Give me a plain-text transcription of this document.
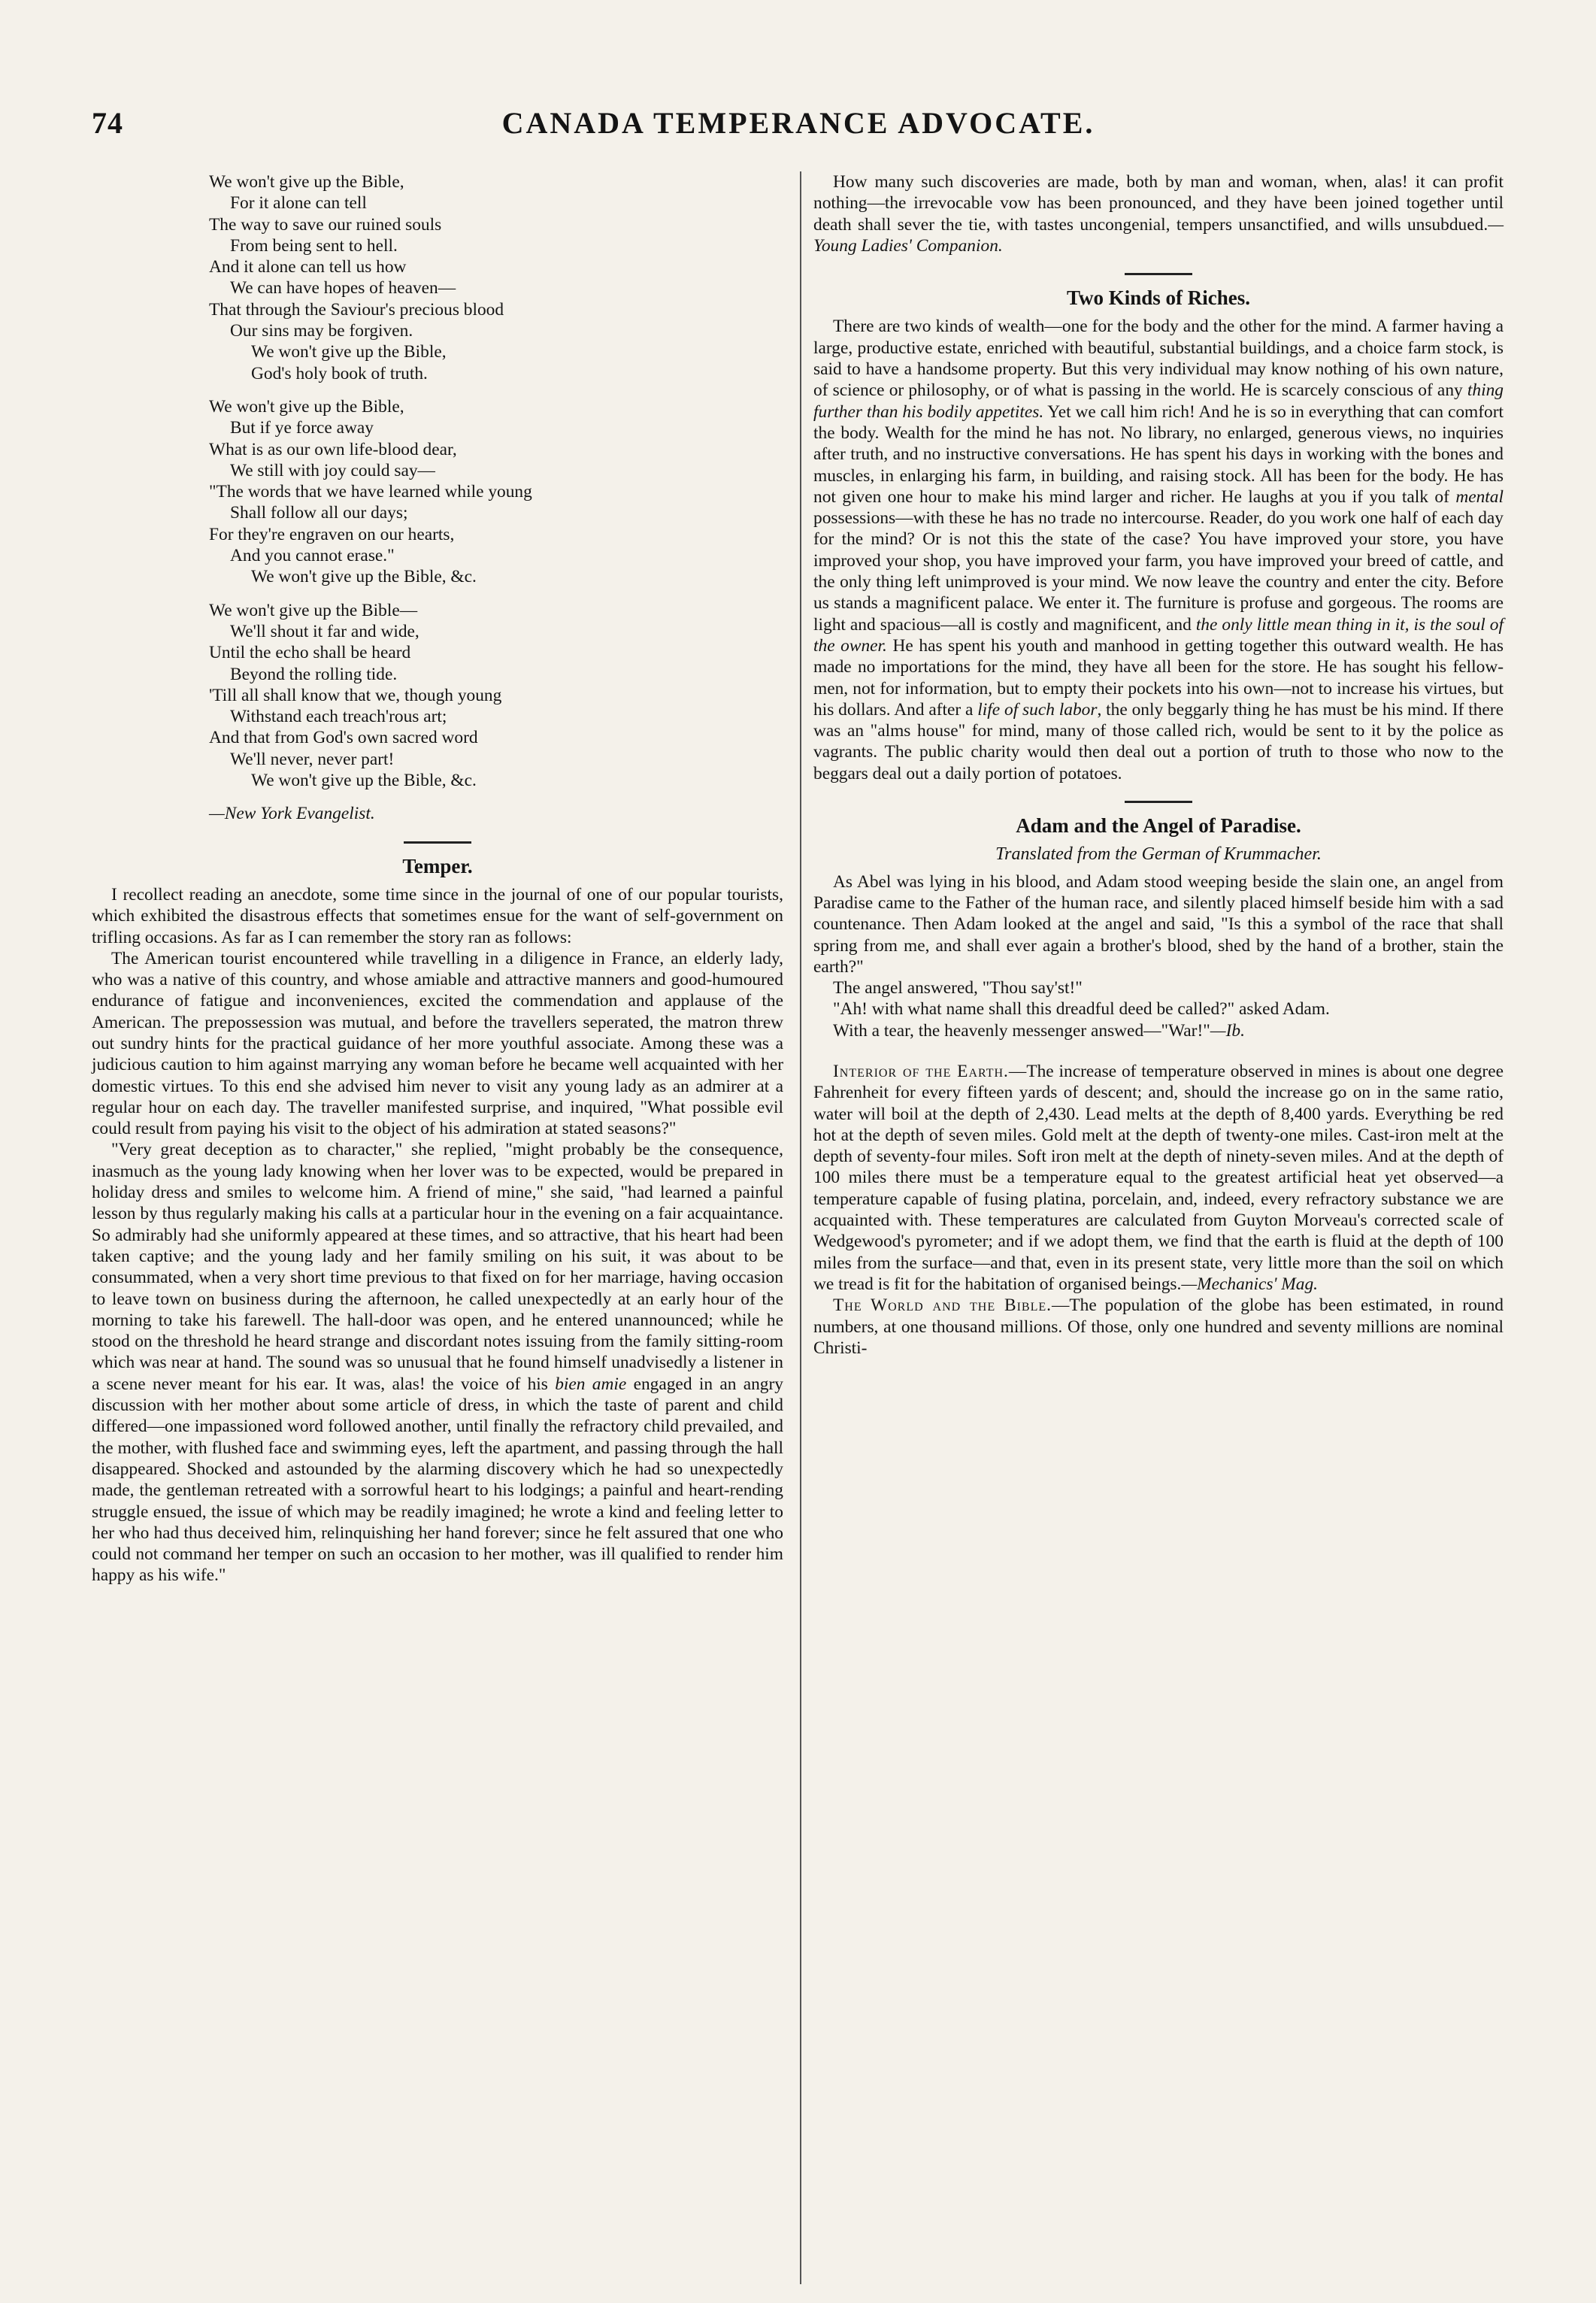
74	CANADA TEMPERANCE ADVOCATE.
We won't give up the Bible,
For it alone can tell
The way to save our ruined souls
From being sent to hell.
And it alone can tell us how
We can have hopes of heaven—
That through the Saviour's precious blood
Our sins may be forgiven.
We won't give up the Bible,
God's holy book of truth.
We won't give up the Bible,
But if ye force away
What is as our own life-blood dear,
We still with joy could say—
"The words that we have learned while young
Shall follow all our days;
For they're engraven on our hearts,
And you cannot erase."
We won't give up the Bible, &c.
We won't give up the Bible—
We'll shout it far and wide,
Until the echo shall be heard
Beyond the rolling tide.
'Till all shall know that we, though young
Withstand each treach'rous art;
And that from God's own sacred word
We'll never, never part!
We won't give up the Bible, &c.
—New York Evangelist.
Temper.

I recollect reading an anecdote, some time since in the journal of one of our popular tourists, which exhibited the disastrous effects that sometimes ensue for the want of self-government on trifling occasions. As far as I can remember the story ran as follows:

The American tourist encountered while travelling in a diligence in France, an elderly lady, who was a native of this country, and whose amiable and attractive manners and good-humoured endurance of fatigue and inconveniences, excited the commendation and applause of the American. The prepossession was mutual, and before the travellers seperated, the matron threw out sundry hints for the practical guidance of her more youthful associate. Among these was a judicious caution to him against marrying any woman before he became well acquainted with her domestic virtues. To this end she advised him never to visit any young lady as an admirer at a regular hour on each day. The traveller manifested surprise, and inquired, "What possible evil could result from paying his visit to the object of his admiration at stated seasons?"

"Very great deception as to character," she replied, "might probably be the consequence, inasmuch as the young lady knowing when her lover was to be expected, would be prepared in holiday dress and smiles to welcome him. A friend of mine," she said, "had learned a painful lesson by thus regularly making his calls at a particular hour in the evening on a fair acquaintance. So admirably had she uniformly appeared at these times, and so attractive, that his heart had been taken captive; and the young lady and her family smiling on his suit, it was about to be consummated, when a very short time previous to that fixed on for her marriage, having occasion to leave town on business during the afternoon, he called unexpectedly at an early hour of the morning to take his farewell. The hall-door was open, and he entered unannounced; while he stood on the threshold he heard strange and discordant notes issuing from the family sitting-room which was near at hand. The sound was so unusual that he found himself unadvisedly a listener in a scene never meant for his ear. It was, alas! the voice of his bien amie engaged in an angry discussion with her mother about some article of dress, in which the taste of parent and child differed—one impassioned word followed another, until finally the refractory child prevailed, and the mother, with flushed face and swimming eyes, left the apartment, and passing through the hall disappeared. Shocked and astounded by the alarming discovery which he had so unexpectedly made, the gentleman retreated with a sorrowful heart to his lodgings; a painful and heart-rending struggle ensued, the issue of which may be readily imagined; he wrote a kind and feeling letter to her who had thus deceived him, relinquishing her hand forever; since he felt assured that one who could not command her temper on such an occasion to her mother, was ill qualified to render him happy as his wife."

How many such discoveries are made, both by man and woman, when, alas! it can profit nothing—the irrevocable vow has been pronounced, and they have been joined together until death shall sever the tie, with tastes uncongenial, tempers unsanctified, and wills unsubdued.—Young Ladies' Companion.

Two Kinds of Riches.

There are two kinds of wealth—one for the body and the other for the mind. A farmer having a large, productive estate, enriched with beautiful, substantial buildings, and a choice farm stock, is said to have a handsome property. But this very individual may know nothing of his own nature, of science or philosophy, or of what is passing in the world. He is scarcely conscious of any thing further than his bodily appetites. Yet we call him rich! And he is so in everything that can comfort the body. Wealth for the mind he has not. No library, no enlarged, generous views, no inquiries after truth, and no instructive conversations. He has spent his days in working with the bones and muscles, in enlarging his farm, in building, and raising stock. All has been for the body. He has not given one hour to make his mind larger and richer. He laughs at you if you talk of mental possessions—with these he has no trade no intercourse. Reader, do you work one half of each day for the mind? Or is not this the state of the case? You have improved your store, you have improved your shop, you have improved your farm, you have improved your breed of cattle, and the only thing left unimproved is your mind. We now leave the country and enter the city. Before us stands a magnificent palace. We enter it. The furniture is profuse and gorgeous. The rooms are light and spacious—all is costly and magnificent, and the only little mean thing in it, is the soul of the owner. He has spent his youth and manhood in getting together this outward wealth. He has made no importations for the mind, they have all been for the store. He has sought his fellow-men, not for information, but to empty their pockets into his own—not to increase his virtues, but his dollars. And after a life of such labor, the only beggarly thing he has must be his mind. If there was an "alms house" for mind, many of those called rich, would be sent to it by the police as vagrants. The public charity would then deal out a portion of truth to those who now to the beggars deal out a daily portion of potatoes.

Adam and the Angel of Paradise.
Translated from the German of Krummacher.

As Abel was lying in his blood, and Adam stood weeping beside the slain one, an angel from Paradise came to the Father of the human race, and silently placed himself beside him with a sad countenance. Then Adam looked at the angel and said, "Is this a symbol of the race that shall spring from me, and shall ever again a brother's blood, shed by the hand of a brother, stain the earth?"

The angel answered, "Thou say'st!"

"Ah! with what name shall this dreadful deed be called?" asked Adam.

With a tear, the heavenly messenger answed—"War!"—Ib.

Interior of the Earth.—The increase of temperature observed in mines is about one degree Fahrenheit for every fifteen yards of descent; and, should the increase go on in the same ratio, water will boil at the depth of 2,430. Lead melts at the depth of 8,400 yards. Everything be red hot at the depth of seven miles. Gold melt at the depth of twenty-one miles. Cast-iron melt at the depth of seventy-four miles. Soft iron melt at the depth of ninety-seven miles. And at the depth of 100 miles there must be a temperature equal to the greatest artificial heat yet observed—a temperature capable of fusing platina, porcelain, and, indeed, every refractory substance we are acquainted with. These temperatures are calculated from Guyton Morveau's corrected scale of Wedgewood's pyrometer; and if we adopt them, we find that the earth is fluid at the depth of 100 miles from the surface—and that, even in its present state, very little more than the soil on which we tread is fit for the habitation of organised beings.—Mechanics' Mag.

The World and the Bible.—The population of the globe has been estimated, in round numbers, at one thousand millions. Of those, only one hundred and seventy millions are nominal Christi-
